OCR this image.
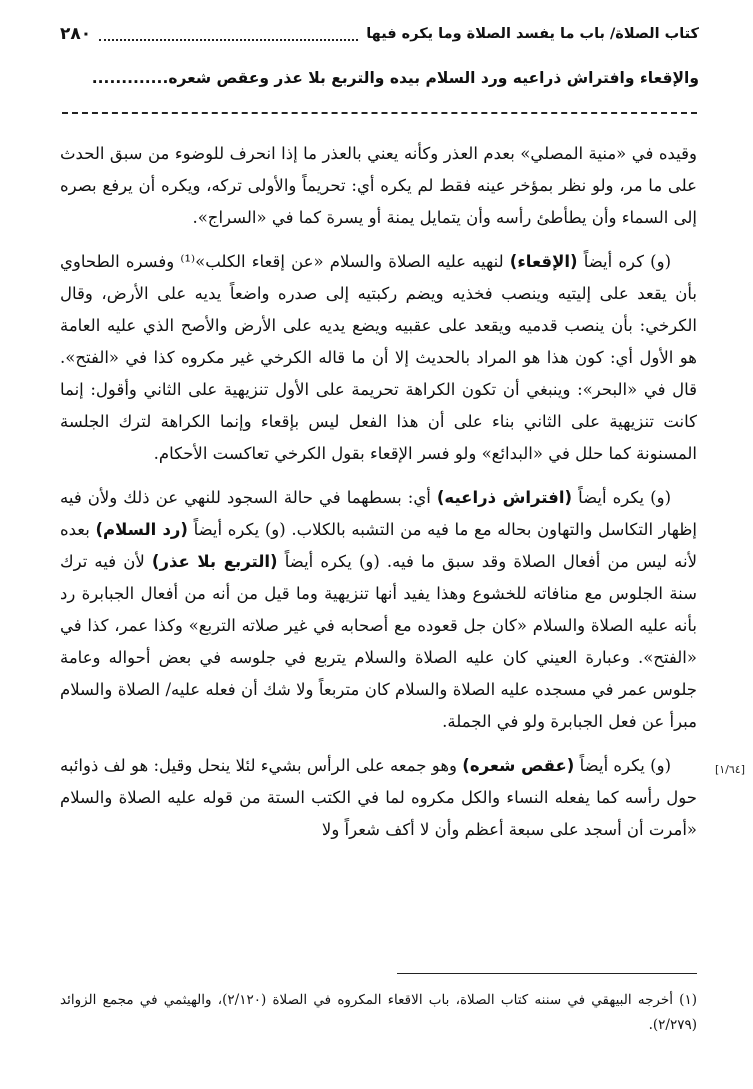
كتاب الصلاة/ باب ما يفسد الصلاة وما يكره فيها
٢٨٠
والإقعاء وافتراش ذراعيه ورد السلام بيده والتربع بلا عذر وعقص شعره.............

وقيده في «منية المصلي» بعدم العذر وكأنه يعني بالعذر ما إذا انحرف للوضوء من سبق الحدث على ما مر، ولو نظر بمؤخر عينه فقط لم يكره أي: تحريماً والأولى تركه، ويكره أن يرفع بصره إلى السماء وأن يطأطئ رأسه وأن يتمايل يمنة أو يسرة كما في «السراج».

(و) كره أيضاً (الإقعاء) لنهيه عليه الصلاة والسلام «عن إقعاء الكلب»⁽¹⁾ وفسره الطحاوي بأن يقعد على إليتيه وينصب فخذيه ويضم ركبتيه إلى صدره واضعاً يديه على الأرض، وقال الكرخي: بأن ينصب قدميه ويقعد على عقبيه ويضع يديه على الأرض والأصح الذي عليه العامة هو الأول أي: كون هذا هو المراد بالحديث إلا أن ما قاله الكرخي غير مكروه كذا في «الفتح». قال في «البحر»: وينبغي أن تكون الكراهة تحريمة على الأول تنزيهية على الثاني وأقول: إنما كانت تنزيهية على الثاني بناء على أن هذا الفعل ليس بإقعاء وإنما الكراهة لترك الجلسة المسنونة كما حلل في «البدائع» ولو فسر الإقعاء بقول الكرخي تعاكست الأحكام.

(و) يكره أيضاً (افتراش ذراعيه) أي: بسطهما في حالة السجود للنهي عن ذلك ولأن فيه إظهار التكاسل والتهاون بحاله مع ما فيه من التشبه بالكلاب. (و) يكره أيضاً (رد السلام) بعده لأنه ليس من أفعال الصلاة وقد سبق ما فيه. (و) يكره أيضاً (التربع بلا عذر) لأن فيه ترك سنة الجلوس مع منافاته للخشوع وهذا يفيد أنها تنزيهية وما قيل من أنه من أفعال الجبابرة رد بأنه عليه الصلاة والسلام «كان جل قعوده مع أصحابه في غير صلاته التربع» وكذا عمر، كذا في «الفتح». وعبارة العيني كان عليه الصلاة والسلام يتربع في جلوسه في بعض أحواله وعامة جلوس عمر في مسجده عليه الصلاة والسلام كان متربعاً ولا شك أن فعله عليه/ الصلاة والسلام مبرأ عن فعل الجبابرة ولو في الجملة.

(و) يكره أيضاً (عقص شعره) وهو جمعه على الرأس بشيء لئلا ينحل وقيل: هو لف ذوائبه حول رأسه كما يفعله النساء والكل مكروه لما في الكتب الستة من قوله عليه الصلاة والسلام «أمرت أن أسجد على سبعة أعظم وأن لا أكف شعراً ولا

[١/٦٤]
(١) أخرجه البيهقي في سننه كتاب الصلاة، باب الاقعاء المكروه في الصلاة (٢/١٢٠)، والهيثمي في مجمع الزوائد (٢/٢٧٩).
